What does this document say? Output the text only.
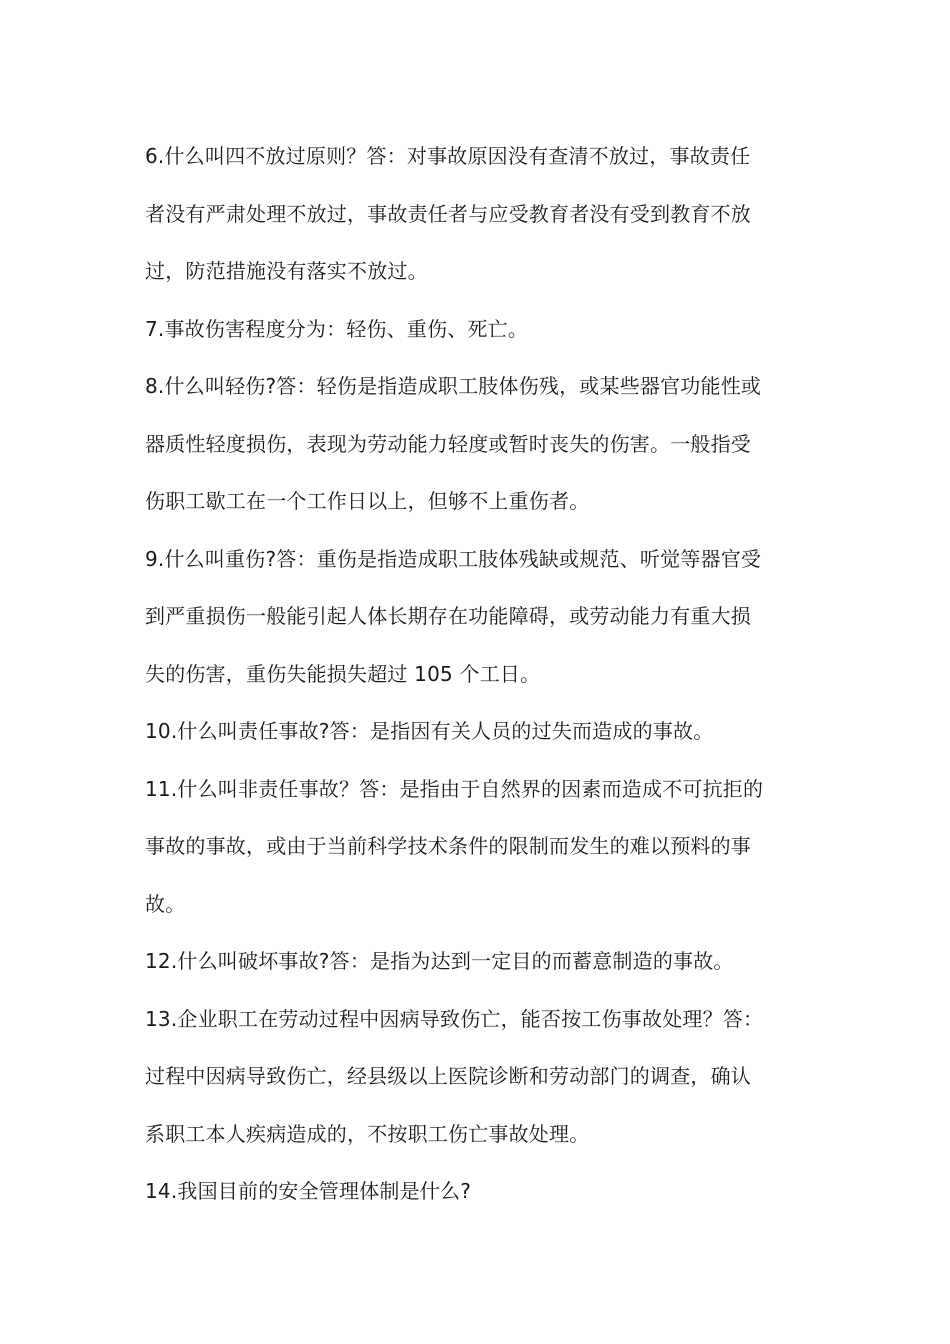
6.什么叫四不放过原则？答：对事故原因没有查清不放过，事故责任
者没有严肃处理不放过，事故责任者与应受教育者没有受到教育不放
过，防范措施没有落实不放过。
7.事故伤害程度分为：轻伤、重伤、死亡。
8.什么叫轻伤?答：轻伤是指造成职工肢体伤残，或某些器官功能性或
器质性轻度损伤，表现为劳动能力轻度或暂时丧失的伤害。一般指受
伤职工歇工在一个工作日以上，但够不上重伤者。
9.什么叫重伤?答：重伤是指造成职工肢体残缺或规范、听觉等器官受
到严重损伤一般能引起人体长期存在功能障碍，或劳动能力有重大损
失的伤害，重伤失能损失超过 105 个工日。
10.什么叫责任事故?答：是指因有关人员的过失而造成的事故。
11.什么叫非责任事故？答：是指由于自然界的因素而造成不可抗拒的
事故的事故，或由于当前科学技术条件的限制而发生的难以预料的事
故。
12.什么叫破坏事故?答：是指为达到一定目的而蓄意制造的事故。
13.企业职工在劳动过程中因病导致伤亡，能否按工伤事故处理？答：
过程中因病导致伤亡，经县级以上医院诊断和劳动部门的调查，确认
系职工本人疾病造成的，不按职工伤亡事故处理。
14.我国目前的安全管理体制是什么?
